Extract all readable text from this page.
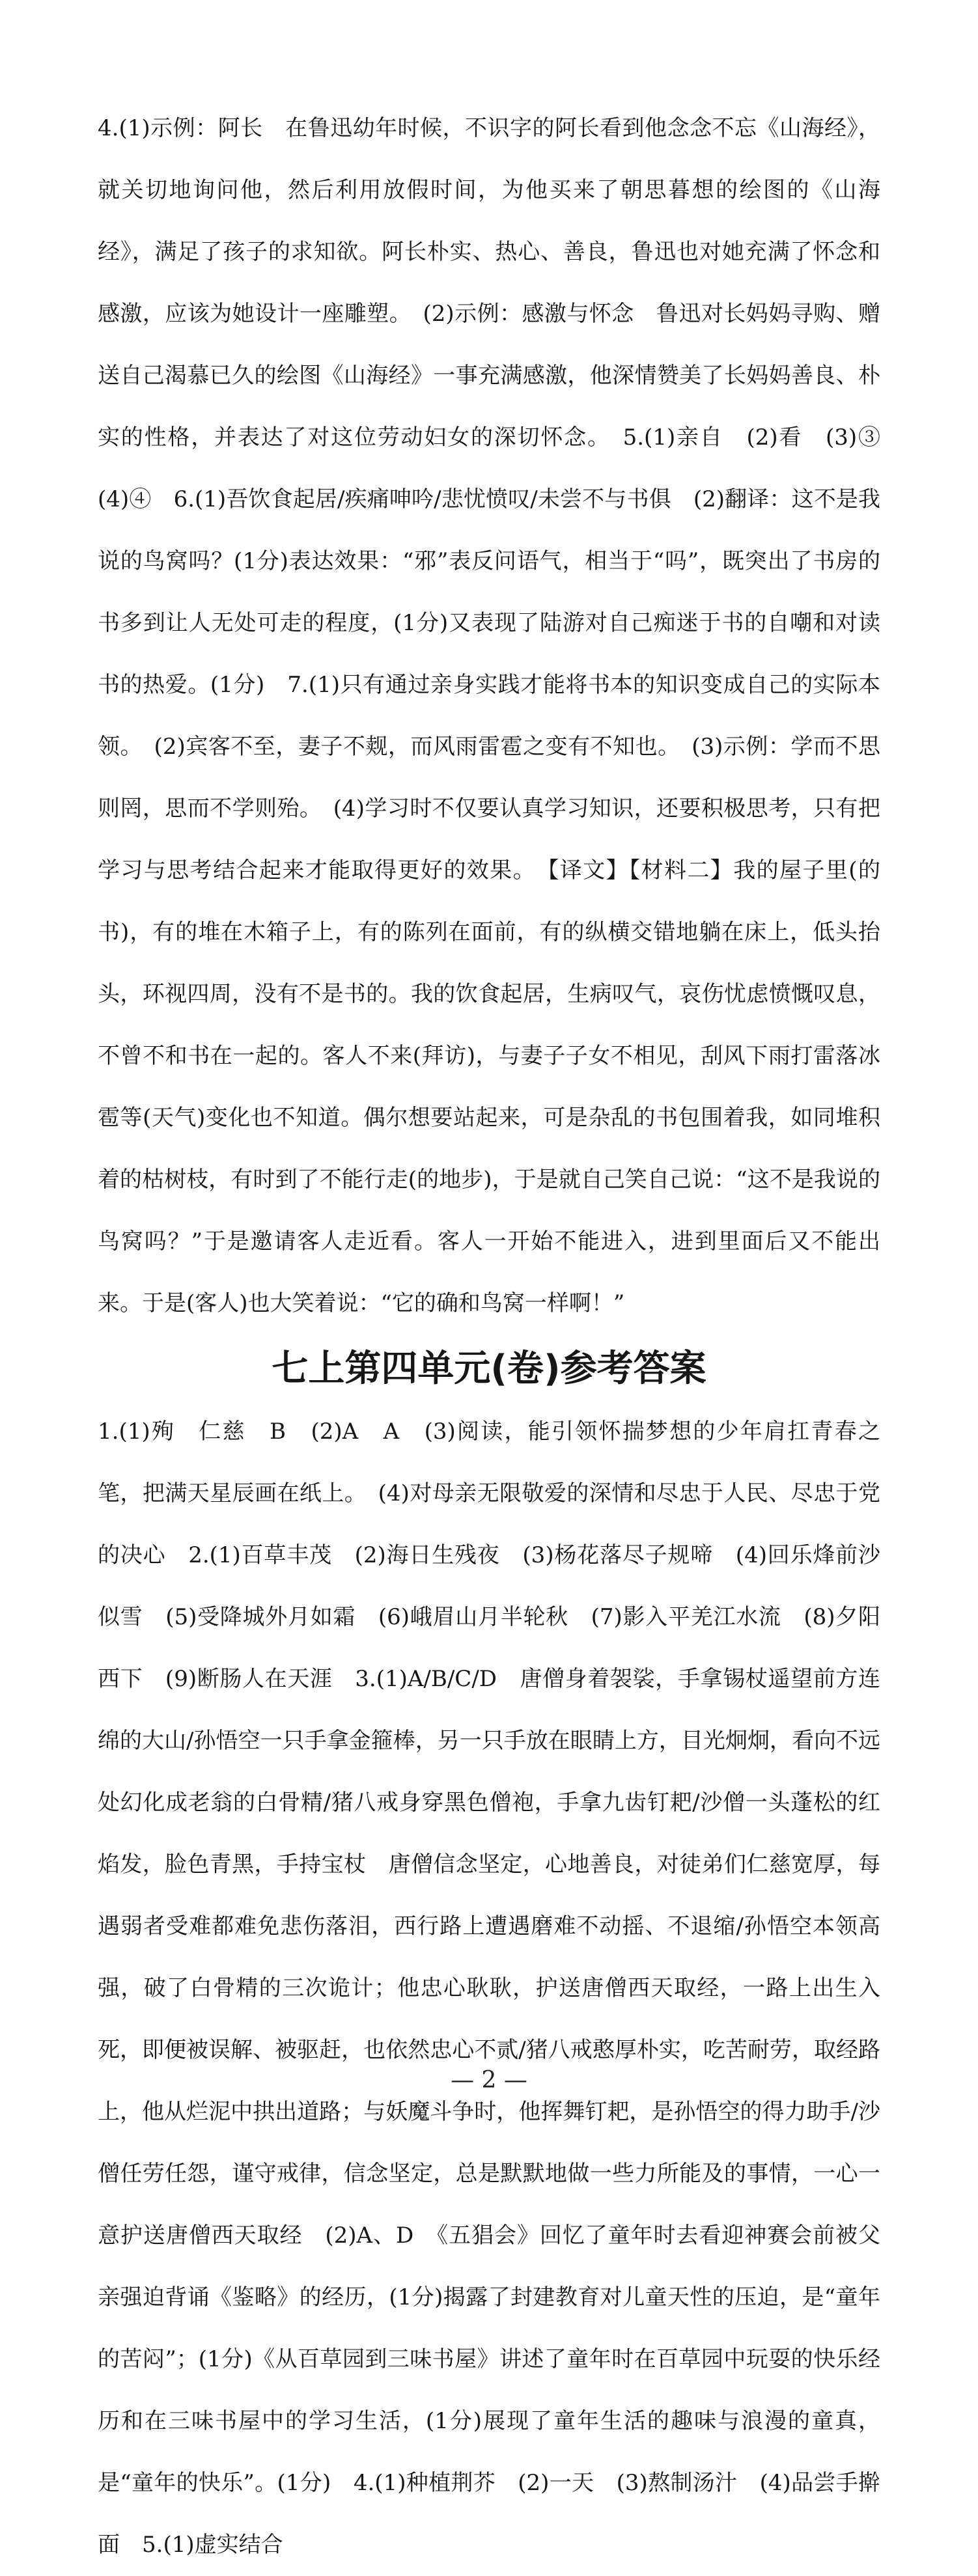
4.(1)示例：阿长　在鲁迅幼年时候，不识字的阿长看到他念念不忘《山海经》，就关切地询问他，然后利用放假时间，为他买来了朝思暮想的绘图的《山海经》，满足了孩子的求知欲。阿长朴实、热心、善良，鲁迅也对她充满了怀念和感激，应该为她设计一座雕塑。　(2)示例：感激与怀念　鲁迅对长妈妈寻购、赠送自己渴慕已久的绘图《山海经》一事充满感激，他深情赞美了长妈妈善良、朴实的性格，并表达了对这位劳动妇女的深切怀念。　5.(1)亲自　(2)看　(3)③　(4)④　6.(1)吾饮食起居/疾痛呻吟/悲忧愤叹/未尝不与书俱　(2)翻译：这不是我说的鸟窝吗？(1分)表达效果：“邪”表反问语气，相当于“吗”，既突出了书房的书多到让人无处可走的程度，(1分)又表现了陆游对自己痴迷于书的自嘲和对读书的热爱。(1分)　7.(1)只有通过亲身实践才能将书本的知识变成自己的实际本领。　(2)宾客不至，妻子不觌，而风雨雷雹之变有不知也。　(3)示例：学而不思则罔，思而不学则殆。　(4)学习时不仅要认真学习知识，还要积极思考，只有把学习与思考结合起来才能取得更好的效果。　【译文】【材料二】我的屋子里(的书)，有的堆在木箱子上，有的陈列在面前，有的纵横交错地躺在床上，低头抬头，环视四周，没有不是书的。我的饮食起居，生病叹气，哀伤忧虑愤慨叹息，不曾不和书在一起的。客人不来(拜访)，与妻子子女不相见，刮风下雨打雷落冰雹等(天气)变化也不知道。偶尔想要站起来，可是杂乱的书包围着我，如同堆积着的枯树枝，有时到了不能行走(的地步)，于是就自己笑自己说：“这不是我说的鸟窝吗？”于是邀请客人走近看。客人一开始不能进入，进到里面后又不能出来。于是(客人)也大笑着说：“它的确和鸟窝一样啊！”

七上第四单元(卷)参考答案

1.(1)殉　仁慈　B　(2)A　A　(3)阅读，能引领怀揣梦想的少年肩扛青春之笔，把满天星辰画在纸上。　(4)对母亲无限敬爱的深情和尽忠于人民、尽忠于党的决心　2.(1)百草丰茂　(2)海日生残夜　(3)杨花落尽子规啼　(4)回乐烽前沙似雪　(5)受降城外月如霜　(6)峨眉山月半轮秋　(7)影入平羌江水流　(8)夕阳西下　(9)断肠人在天涯　3.(1)A/B/C/D　唐僧身着袈裟，手拿锡杖遥望前方连绵的大山/孙悟空一只手拿金箍棒，另一只手放在眼睛上方，目光炯炯，看向不远处幻化成老翁的白骨精/猪八戒身穿黑色僧袍，手拿九齿钉耙/沙僧一头蓬松的红焰发，脸色青黑，手持宝杖　唐僧信念坚定，心地善良，对徒弟们仁慈宽厚，每遇弱者受难都难免悲伤落泪，西行路上遭遇磨难不动摇、不退缩/孙悟空本领高强，破了白骨精的三次诡计；他忠心耿耿，护送唐僧西天取经，一路上出生入死，即便被误解、被驱赶，也依然忠心不贰/猪八戒憨厚朴实，吃苦耐劳，取经路上，他从烂泥中拱出道路；与妖魔斗争时，他挥舞钉耙，是孙悟空的得力助手/沙僧任劳任怨，谨守戒律，信念坚定，总是默默地做一些力所能及的事情，一心一意护送唐僧西天取经　(2)A、D　《五猖会》回忆了童年时去看迎神赛会前被父亲强迫背诵《鉴略》的经历，(1分)揭露了封建教育对儿童天性的压迫，是“童年的苦闷”；(1分)《从百草园到三味书屋》讲述了童年时在百草园中玩耍的快乐经历和在三味书屋中的学习生活，(1分)展现了童年生活的趣味与浪漫的童真，是“童年的快乐”。(1分)　4.(1)种植荆芥　(2)一天　(3)熬制汤汁　(4)品尝手擀面　5.(1)虚实结合

— 2 —
